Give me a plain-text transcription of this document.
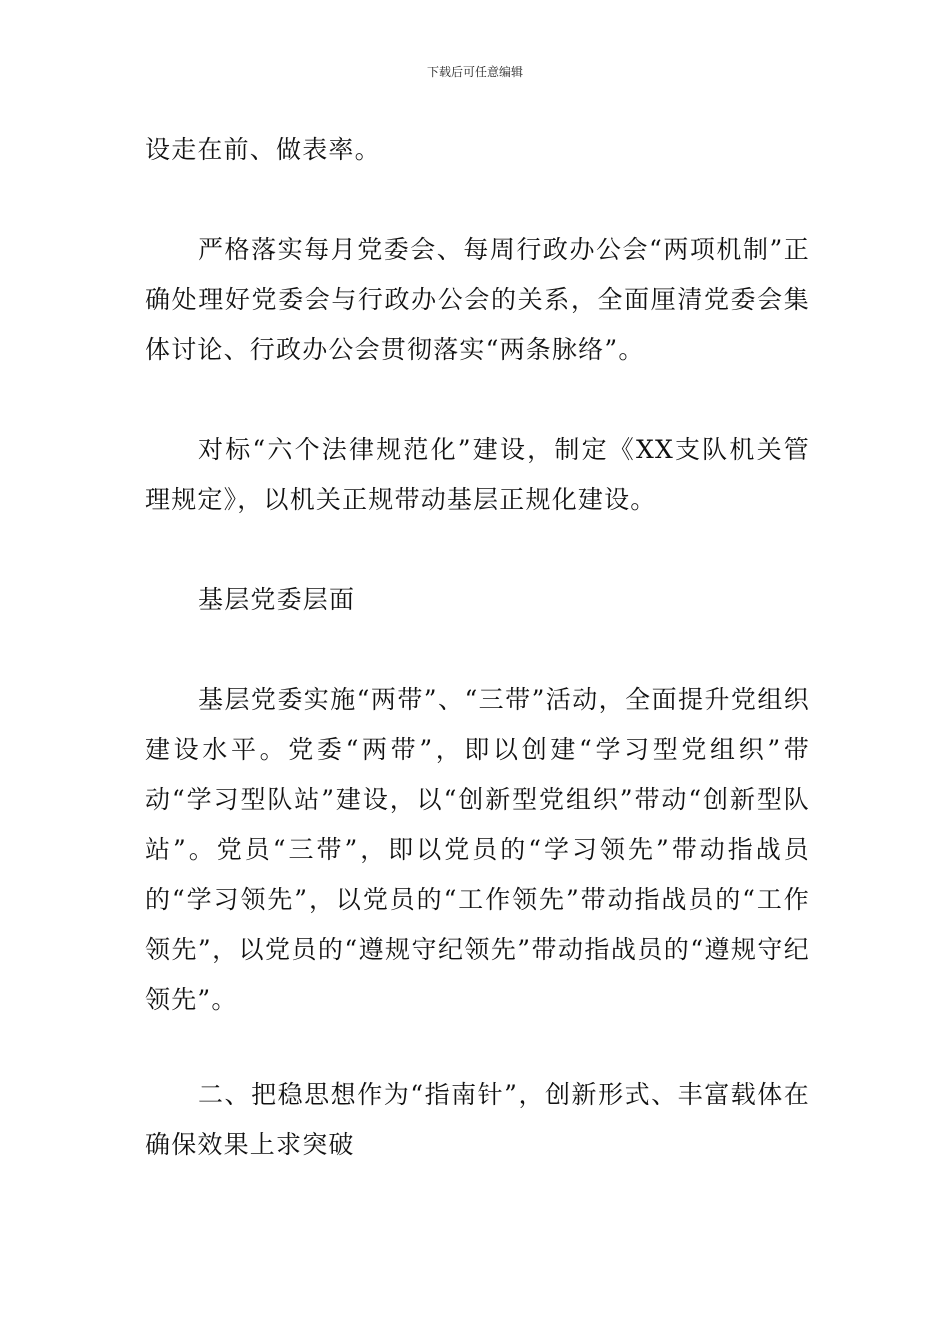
下载后可任意编辑

设走在前、做表率。

严格落实每月党委会、每周行政办公会“两项机制”正确处理好党委会与行政办公会的关系，全面厘清党委会集体讨论、行政办公会贯彻落实“两条脉络”。

对标“六个法律规范化”建设，制定《XX支队机关管理规定》，以机关正规带动基层正规化建设。

基层党委层面

基层党委实施“两带”、“三带”活动，全面提升党组织建设水平。党委“两带”，即以创建“学习型党组织”带动“学习型队站”建设，以“创新型党组织”带动“创新型队站”。党员“三带”，即以党员的“学习领先”带动指战员的“学习领先”，以党员的“工作领先”带动指战员的“工作领先”，以党员的“遵规守纪领先”带动指战员的“遵规守纪领先”。

二、把稳思想作为“指南针”，创新形式、丰富载体在确保效果上求突破
